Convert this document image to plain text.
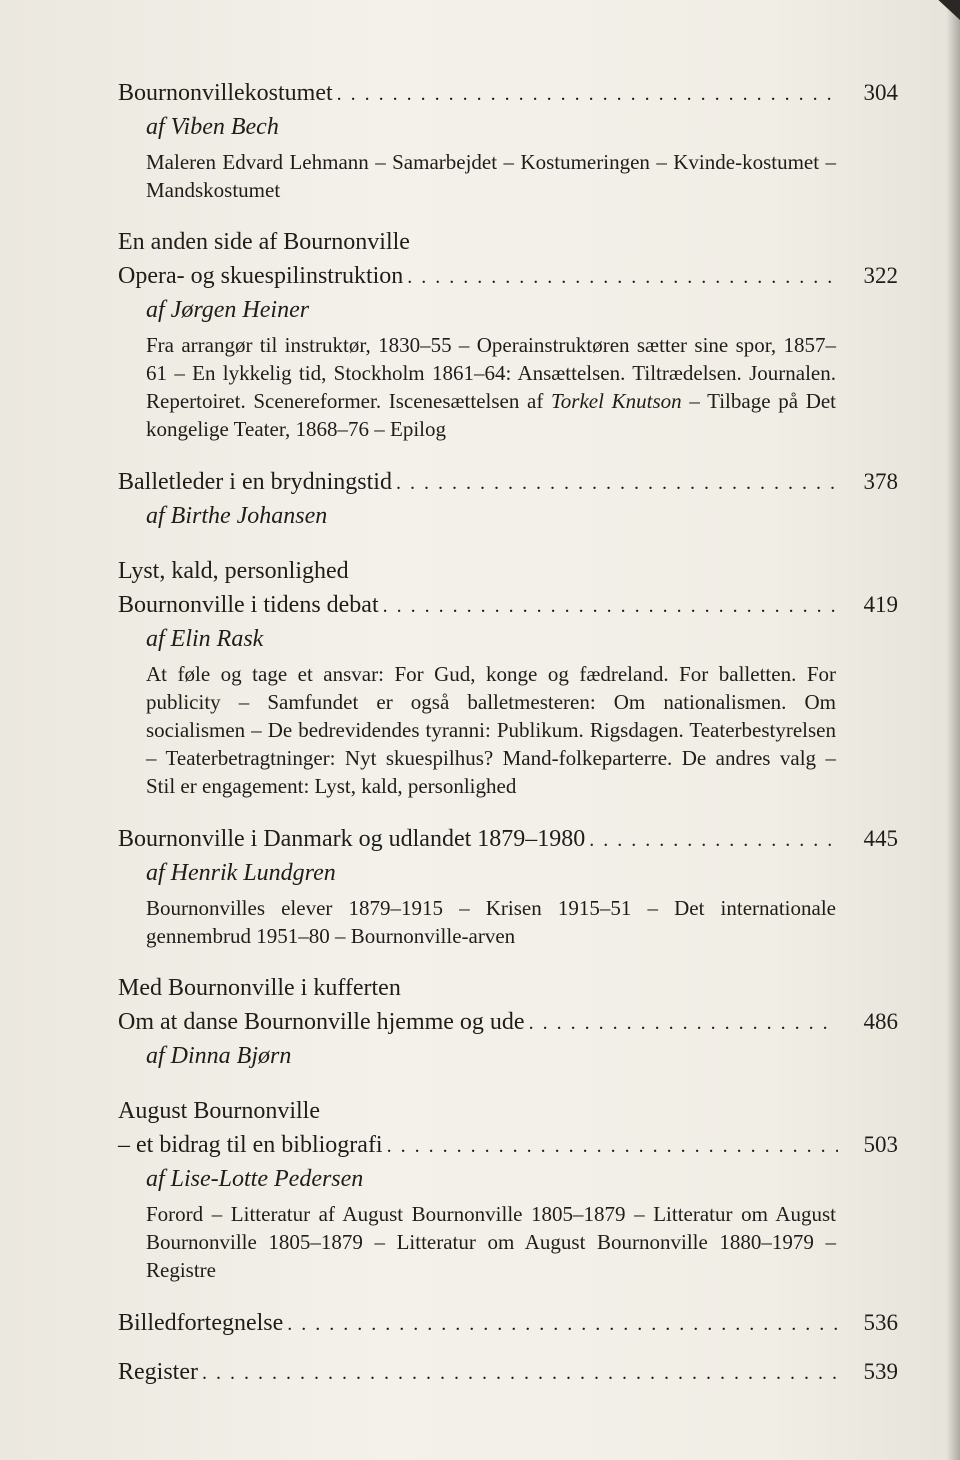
Bournonvillekostumet . . .	304
af Viben Bech
Maleren Edvard Lehmann – Samarbejdet – Kostumeringen – Kvinde-kostumet – Mandskostumet
En anden side af Bournonville
Opera- og skuespilinstruktion . . .	322
af Jørgen Heiner
Fra arrangør til instruktør, 1830–55 – Operainstruktøren sætter sine spor, 1857–61 – En lykkelig tid, Stockholm 1861–64: Ansættelsen. Tiltrædelsen. Journalen. Repertoiret. Scenereformer. Iscenesættelsen af Torkel Knutson – Tilbage på Det kongelige Teater, 1868–76 – Epilog
Balletleder i en brydningstid . . .	378
af Birthe Johansen
Lyst, kald, personlighed
Bournonville i tidens debat . . .	419
af Elin Rask
At føle og tage et ansvar: For Gud, konge og fædreland. For balletten. For publicity – Samfundet er også balletmesteren: Om nationalismen. Om socialismen – De bedrevidendes tyranni: Publikum. Rigsdagen. Teaterbestyrelsen – Teaterbetragtninger: Nyt skuespilhus? Mand-folkeparterre. De andres valg – Stil er engagement: Lyst, kald, personlighed
Bournonville i Danmark og udlandet 1879–1980 . . .	445
af Henrik Lundgren
Bournonvilles elever 1879–1915 – Krisen 1915–51 – Det internationale gennembrud 1951–80 – Bournonville-arven
Med Bournonville i kufferten
Om at danse Bournonville hjemme og ude . . .	486
af Dinna Bjørn
August Bournonville
– et bidrag til en bibliografi . . .	503
af Lise-Lotte Pedersen
Forord – Litteratur af August Bournonville 1805–1879 – Litteratur om August Bournonville 1805–1879 – Litteratur om August Bournonville 1880–1979 – Registre
Billedfortegnelse . . .	536
Register . . .	539
